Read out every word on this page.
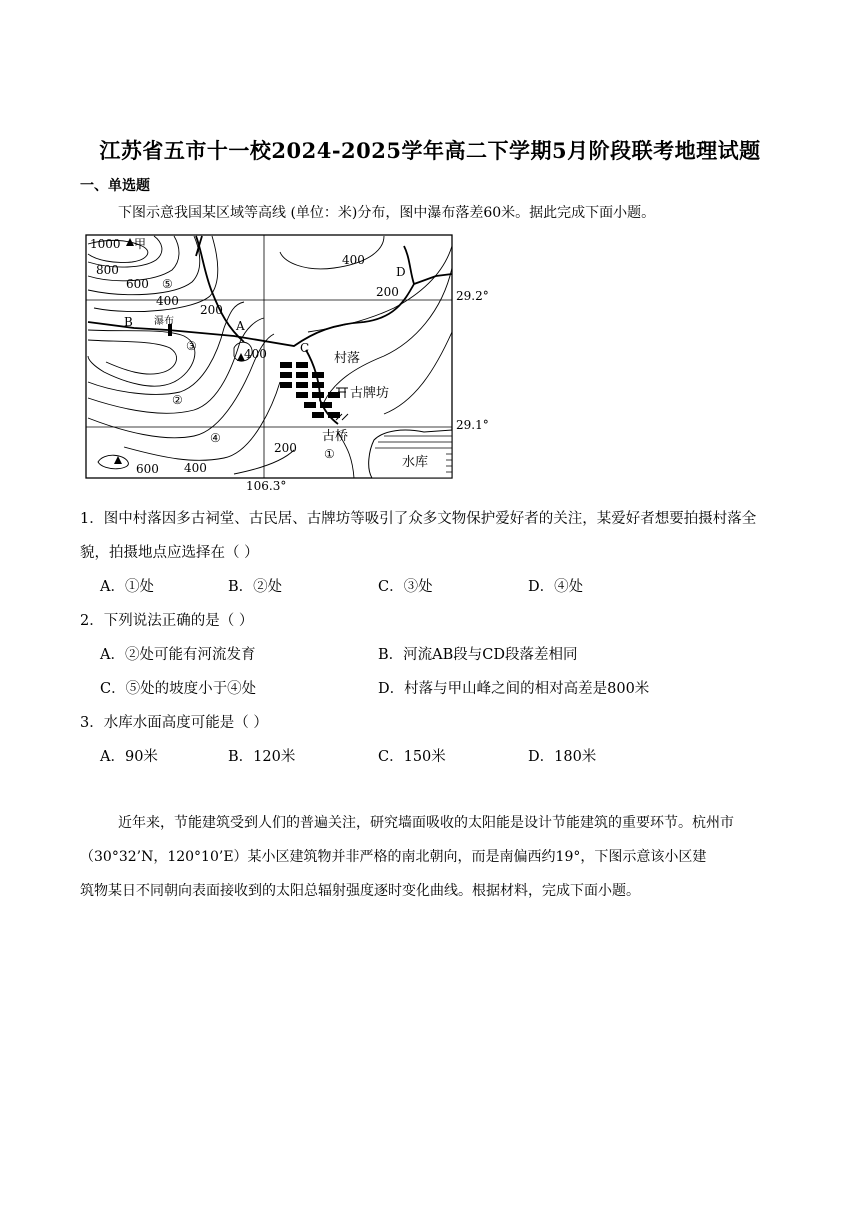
江苏省五市十一校2024-2025学年高二下学期5月阶段联考地理试题
一、单选题
下图示意我国某区域等高线 (单位：米)分布，图中瀑布落差60米。据此完成下面小题。
1000 甲
800
600
400
200
400
200
400
200
600
400
⑤
③
②
④
①
B	A
C
D
瀑布
村落
古牌坊
古桥
水库
29.2°
29.1°
106.3°
1．图中村落因多古祠堂、古民居、古牌坊等吸引了众多文物保护爱好者的关注，某爱好者想要拍摄村落全
貌，拍摄地点应选择在（ ）
A．①处	B．②处	C．③处	D．④处
2．下列说法正确的是（ ）
A．②处可能有河流发育	B．河流AB段与CD段落差相同
C．⑤处的坡度小于④处	D．村落与甲山峰之间的相对高差是800米
3．水库水面高度可能是（ ）
A．90米	B．120米	C．150米	D．180米
近年来，节能建筑受到人们的普遍关注，研究墙面吸收的太阳能是设计节能建筑的重要环节。杭州市
（30°32’N，120°10’E）某小区建筑物并非严格的南北朝向，而是南偏西约19°，下图示意该小区建
筑物某日不同朝向表面接收到的太阳总辐射强度逐时变化曲线。根据材料，完成下面小题。
